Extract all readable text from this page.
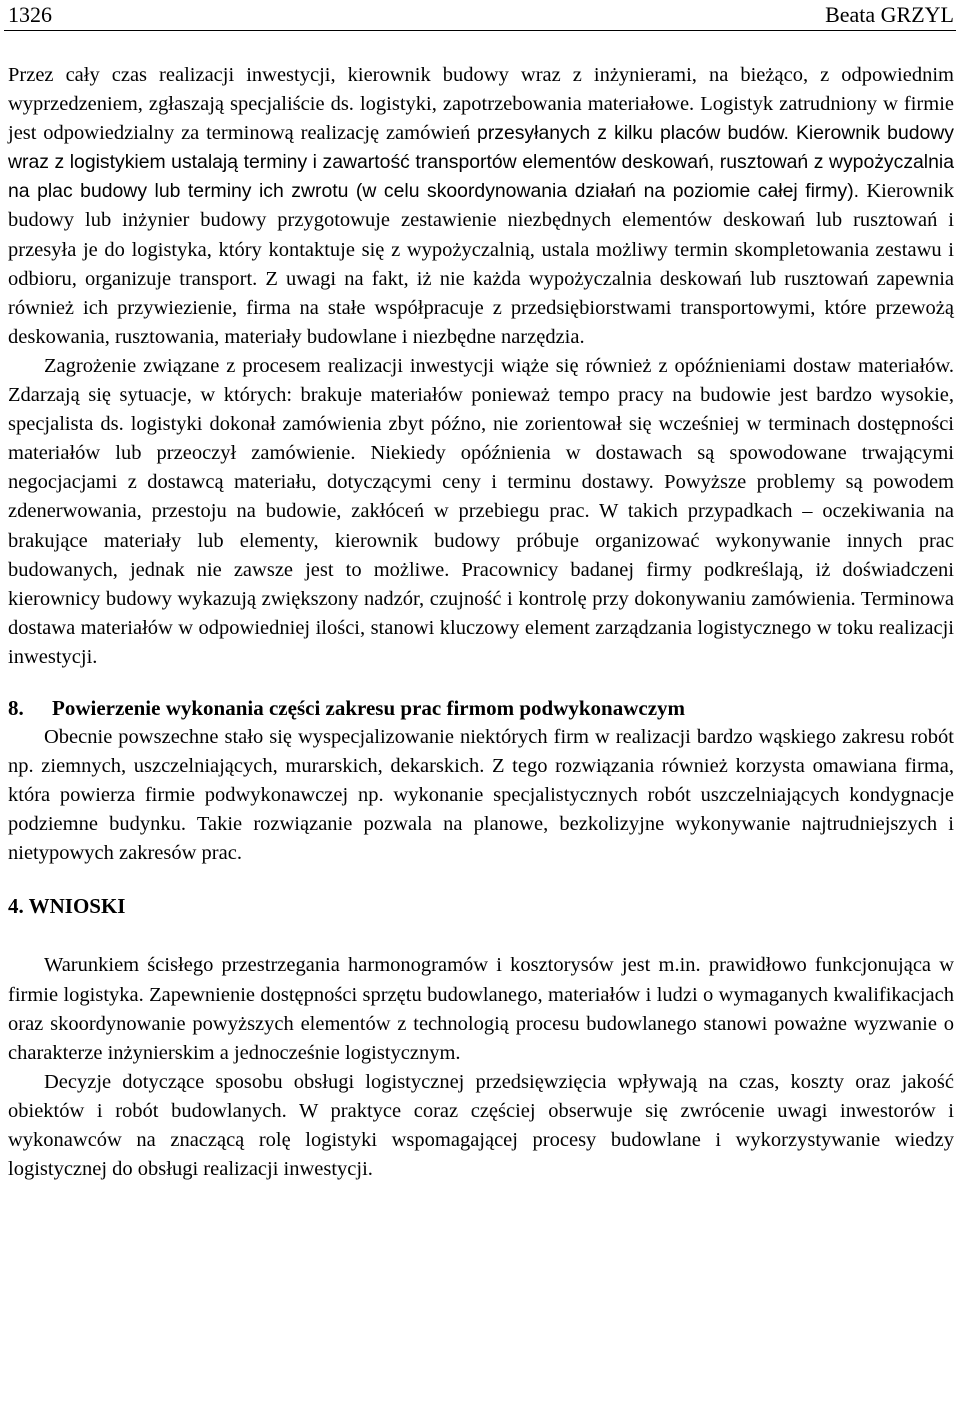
1326	Beata GRZYL

Przez cały czas realizacji inwestycji, kierownik budowy wraz z inżynierami, na bieżąco, z odpowiednim wyprzedzeniem, zgłaszają specjaliście ds. logistyki, zapotrzebowania materiałowe. Logistyk zatrudniony w firmie jest odpowiedzialny za terminową realizację zamówień przesyłanych z kilku placów budów. Kierownik budowy wraz z logistykiem ustalają terminy i zawartość transportów elementów deskowań, rusztowań z wypożyczalnia na plac budowy lub terminy ich zwrotu (w celu skoordynowania działań na poziomie całej firmy). Kierownik budowy lub inżynier budowy przygotowuje zestawienie niezbędnych elementów deskowań lub rusztowań i przesyła je do logistyka, który kontaktuje się z wypożyczalnią, ustala możliwy termin skompletowania zestawu i odbioru, organizuje transport. Z uwagi na fakt, iż nie każda wypożyczalnia deskowań lub rusztowań zapewnia również ich przywiezienie, firma na stałe współpracuje z przedsiębiorstwami transportowymi, które przewożą deskowania, rusztowania, materiały budowlane i niezbędne narzędzia.

Zagrożenie związane z procesem realizacji inwestycji wiąże się również z opóźnieniami dostaw materiałów. Zdarzają się sytuacje, w których: brakuje materiałów ponieważ tempo pracy na budowie jest bardzo wysokie, specjalista ds. logistyki dokonał zamówienia zbyt późno, nie zorientował się wcześniej w terminach dostępności materiałów lub przeoczył zamówienie. Niekiedy opóźnienia w dostawach są spowodowane trwającymi negocjacjami z dostawcą materiału, dotyczącymi ceny i terminu dostawy. Powyższe problemy są powodem zdenerwowania, przestoju na budowie, zakłóceń w przebiegu prac. W takich przypadkach – oczekiwania na brakujące materiały lub elementy, kierownik budowy próbuje organizować wykonywanie innych prac budowanych, jednak nie zawsze jest to możliwe. Pracownicy badanej firmy podkreślają, iż doświadczeni kierownicy budowy wykazują zwiększony nadzór, czujność i kontrolę przy dokonywaniu zamówienia. Terminowa dostawa materiałów w odpowiedniej ilości, stanowi kluczowy element zarządzania logistycznego w toku realizacji inwestycji.

8. Powierzenie wykonania części zakresu prac firmom podwykonawczym

Obecnie powszechne stało się wyspecjalizowanie niektórych firm w realizacji bardzo wąskiego zakresu robót np. ziemnych, uszczelniających, murarskich, dekarskich. Z tego rozwiązania również korzysta omawiana firma, która powierza firmie podwykonawczej np. wykonanie specjalistycznych robót uszczelniających kondygnacje podziemne budynku. Takie rozwiązanie pozwala na planowe, bezkolizyjne wykonywanie najtrudniejszych i nietypowych zakresów prac.

4. WNIOSKI

Warunkiem ścisłego przestrzegania harmonogramów i kosztorysów jest m.in. prawidłowo funkcjonująca w firmie logistyka. Zapewnienie dostępności sprzętu budowlanego, materiałów i ludzi o wymaganych kwalifikacjach oraz skoordynowanie powyższych elementów z technologią procesu budowlanego stanowi poważne wyzwanie o charakterze inżynierskim a jednocześnie logistycznym.

Decyzje dotyczące sposobu obsługi logistycznej przedsięwzięcia wpływają na czas, koszty oraz jakość obiektów i robót budowlanych. W praktyce coraz częściej obserwuje się zwrócenie uwagi inwestorów i wykonawców na znaczącą rolę logistyki wspomagającej procesy budowlane i wykorzystywanie wiedzy logistycznej do obsługi realizacji inwestycji.
